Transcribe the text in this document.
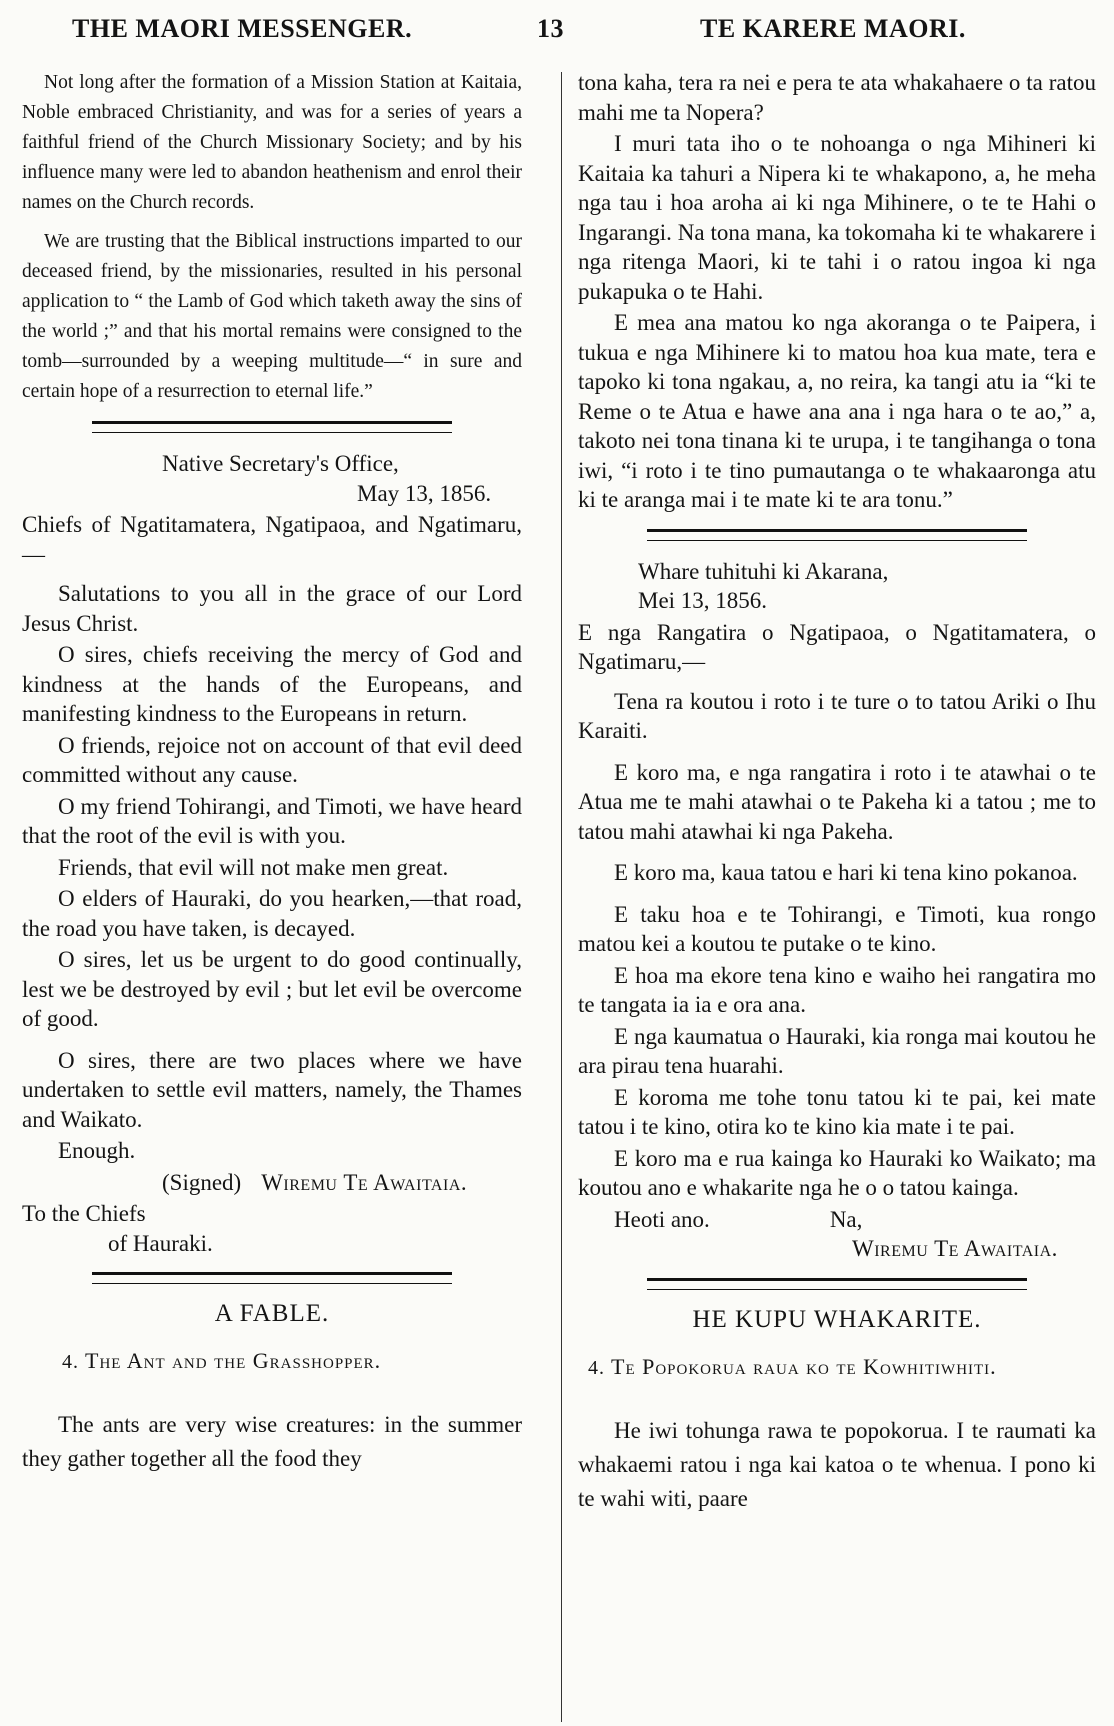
THE MAORI MESSENGER.	13	TE KARERE MAORI.

Not long after the formation of a Mission Station at Kaitaia, Noble embraced Christianity, and was for a series of years a faithful friend of the Church Missionary Society; and by his influence many were led to abandon heathenism and enrol their names on the Church records.

We are trusting that the Biblical instructions imparted to our deceased friend, by the missionaries, resulted in his personal application to “ the Lamb of God which taketh away the sins of the world ;” and that his mortal remains were consigned to the tomb—surrounded by a weeping multitude—“ in sure and certain hope of a resurrection to eternal life.”

Native Secretary's Office,
May 13, 1856.

Chiefs of Ngatitamatera, Ngatipaoa, and Ngatimaru,—

Salutations to you all in the grace of our Lord Jesus Christ.

O sires, chiefs receiving the mercy of God and kindness at the hands of the Europeans, and manifesting kindness to the Europeans in return.

O friends, rejoice not on account of that evil deed committed without any cause.

O my friend Tohirangi, and Timoti, we have heard that the root of the evil is with you.

Friends, that evil will not make men great.

O elders of Hauraki, do you hearken,—that road, the road you have taken, is decayed.

O sires, let us be urgent to do good continually, lest we be destroyed by evil ; but let evil be overcome of good.

O sires, there are two places where we have undertaken to settle evil matters, namely, the Thames and Waikato.

Enough.

(Signed) Wiremu Te Awaitaia.

To the Chiefs
of Hauraki.

A FABLE.
4. The Ant and the Grasshopper.

The ants are very wise creatures: in the summer they gather together all the food they

tona kaha, tera ra nei e pera te ata whakahaere o ta ratou mahi me ta Nopera?

I muri tata iho o te nohoanga o nga Mihineri ki Kaitaia ka tahuri a Nipera ki te whakapono, a, he meha nga tau i hoa aroha ai ki nga Mihinere, o te te Hahi o Ingarangi. Na tona mana, ka tokomaha ki te whakarere i nga ritenga Maori, ki te tahi i o ratou ingoa ki nga pukapuka o te Hahi.

E mea ana matou ko nga akoranga o te Paipera, i tukua e nga Mihinere ki to matou hoa kua mate, tera e tapoko ki tona ngakau, a, no reira, ka tangi atu ia “ki te Reme o te Atua e hawe ana ana i nga hara o te ao,” a, takoto nei tona tinana ki te urupa, i te tangihanga o tona iwi, “i roto i te tino pumautanga o te whakaaronga atu ki te aranga mai i te mate ki te ara tonu.”

Whare tuhituhi ki Akarana,
Mei 13, 1856.

E nga Rangatira o Ngatipaoa, o Ngatitamatera, o Ngatimaru,—

Tena ra koutou i roto i te ture o to tatou Ariki o Ihu Karaiti.

E koro ma, e nga rangatira i roto i te atawhai o te Atua me te mahi atawhai o te Pakeha ki a tatou ; me to tatou mahi atawhai ki nga Pakeha.

E koro ma, kaua tatou e hari ki tena kino pokanoa.

E taku hoa e te Tohirangi, e Timoti, kua rongo matou kei a koutou te putake o te kino.

E hoa ma ekore tena kino e waiho hei rangatira mo te tangata ia ia e ora ana.

E nga kaumatua o Hauraki, kia ronga mai koutou he ara pirau tena huarahi.

E koroma me tohe tonu tatou ki te pai, kei mate tatou i te kino, otira ko te kino kia mate i te pai.

E koro ma e rua kainga ko Hauraki ko Waikato; ma koutou ano e whakarite nga he o o tatou kainga.

Heoti ano.	Na,
Wiremu Te Awaitaia.

HE KUPU WHAKARITE.
4. Te Popokorua raua ko te Kowhitiwhiti.

He iwi tohunga rawa te popokorua. I te raumati ka whakaemi ratou i nga kai katoa o te whenua. I pono ki te wahi witi, paare
